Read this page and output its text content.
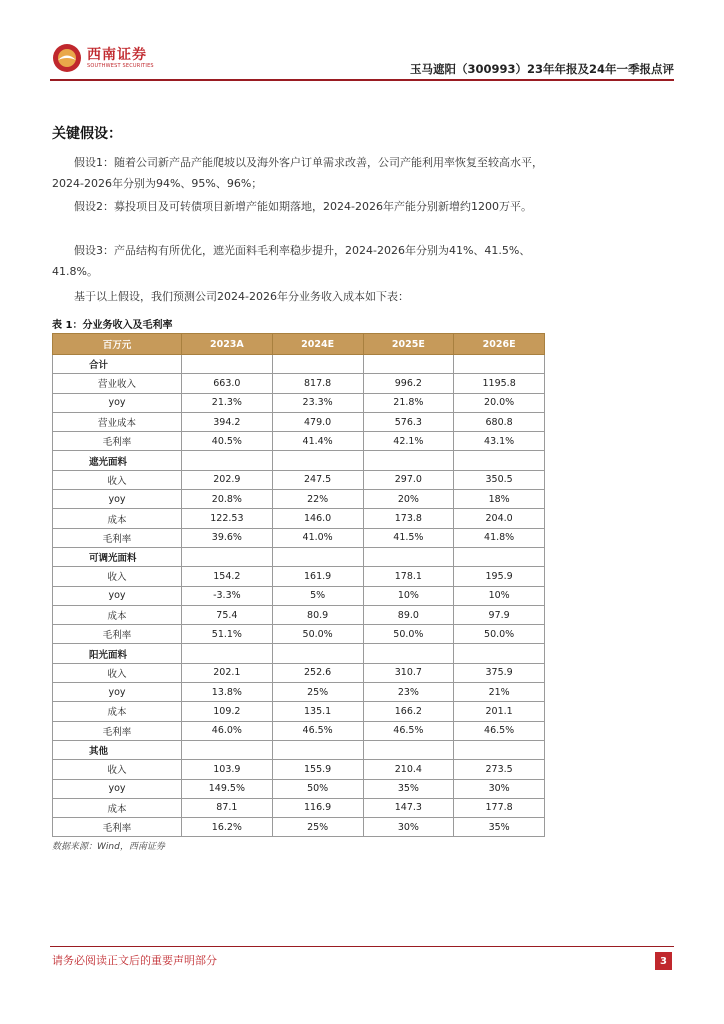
西南证券
SOUTHWEST SECURITIES	玉马遮阳（300993）23年年报及24年一季报点评
关键假设：

假设1：随着公司新产品产能爬坡以及海外客户订单需求改善，公司产能利用率恢复至较高水平，2024-2026年分别为94%、95%、96%；

假设2：募投项目及可转债项目新增产能如期落地，2024-2026年产能分别新增约1200万平。

假设3：产品结构有所优化，遮光面料毛利率稳步提升，2024-2026年分别为41%、41.5%、41.8%。

基于以上假设，我们预测公司2024-2026年分业务收入成本如下表：

表 1：分业务收入及毛利率
百万元	2023A	2024E	2025E	2026E
合计				
营业收入	663.0	817.8	996.2	1195.8
yoy	21.3%	23.3%	21.8%	20.0%
营业成本	394.2	479.0	576.3	680.8
毛利率	40.5%	41.4%	42.1%	43.1%
遮光面料				
收入	202.9	247.5	297.0	350.5
yoy	20.8%	22%	20%	18%
成本	122.53	146.0	173.8	204.0
毛利率	39.6%	41.0%	41.5%	41.8%
可调光面料				
收入	154.2	161.9	178.1	195.9
yoy	-3.3%	5%	10%	10%
成本	75.4	80.9	89.0	97.9
毛利率	51.1%	50.0%	50.0%	50.0%
阳光面料				
收入	202.1	252.6	310.7	375.9
yoy	13.8%	25%	23%	21%
成本	109.2	135.1	166.2	201.1
毛利率	46.0%	46.5%	46.5%	46.5%
其他				
收入	103.9	155.9	210.4	273.5
yoy	149.5%	50%	35%	30%
成本	87.1	116.9	147.3	177.8
毛利率	16.2%	25%	30%	35%
数据来源：Wind，西南证券
请务必阅读正文后的重要声明部分	3
